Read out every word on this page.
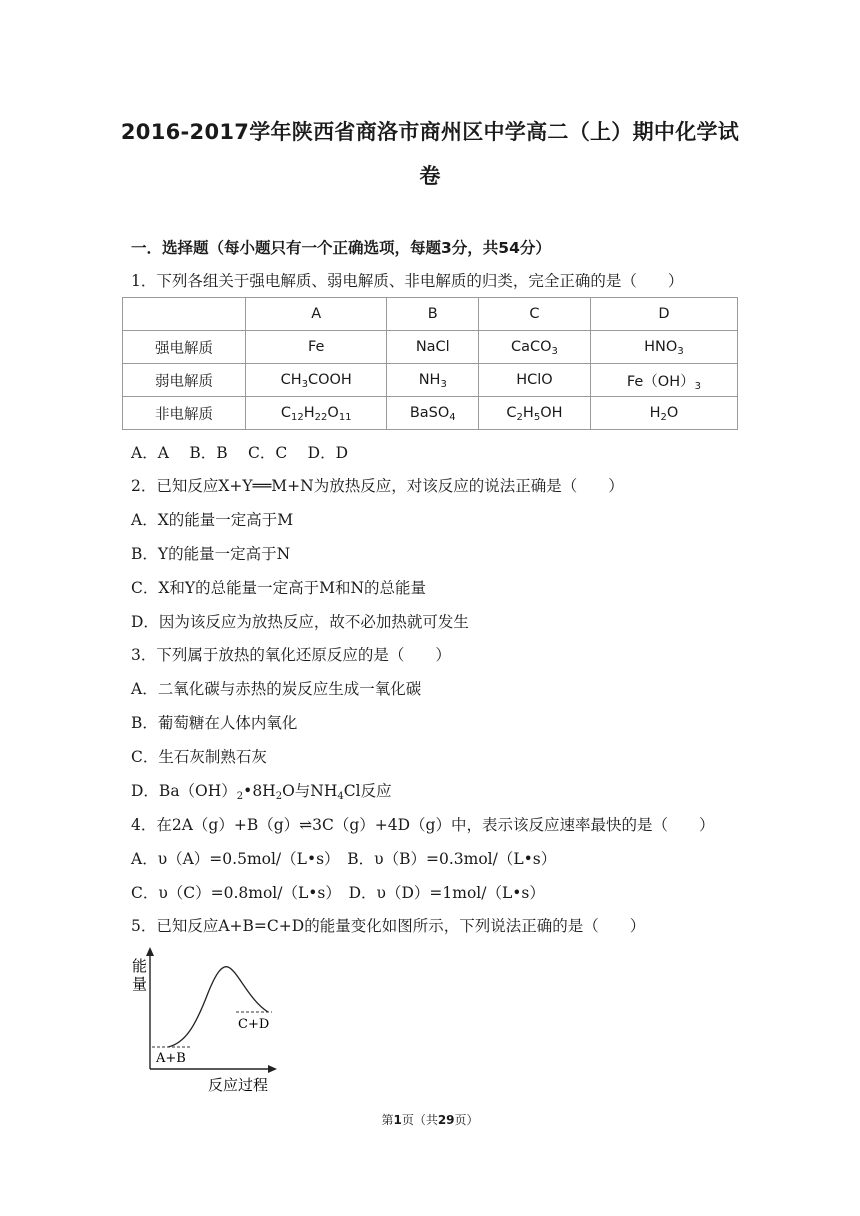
2016-2017学年陕西省商洛市商州区中学高二（上）期中化学试
卷
一．选择题（每小题只有一个正确选项，每题3分，共54分）
1．下列各组关于强电解质、弱电解质、非电解质的归类，完全正确的是（　　）
	A	B	C	D
强电解质	Fe	NaCl	CaCO$_3$	$HNO_3$
弱电解质	$CH_3COOH$	$NH_3$	HClO	$Fe(OH)_3$
非电解质	$C_{12}H_{22}O_{11}$	BaSO$_4$	$C_2H_5OH$	$H_2O$
A．A　 B．B　 C．C　 D．D
2．已知反应X+Y══M+N为放热反应，对该反应的说法正确是（　　）
A．X的能量一定高于M
B．Y的能量一定高于N
C．X和Y的总能量一定高于M和N的总能量
D．因为该反应为放热反应，故不必加热就可发生
3．下列属于放热的氧化还原反应的是（　　）
A．二氧化碳与赤热的炭反应生成一氧化碳
B．葡萄糖在人体内氧化
C．生石灰制熟石灰
D．$Ba(OH)_2•8H_2O$与$NH_4Cl$反应
4．在2A（g）+B（g）⇌3C（g）+4D（g）中，表示该反应速率最快的是（　　）
A．υ（A）=0.5mol/（L•s）　B．υ（B）=0.3mol/（L•s）
C．υ（C）=0.8mol/（L•s）　D．υ（D）=1mol/（L•s）
5．已知反应A+B=C+D的能量变化如图所示，下列说法正确的是（　　）
能
量
A+B
C+D
反应过程
第1页（共29页）
